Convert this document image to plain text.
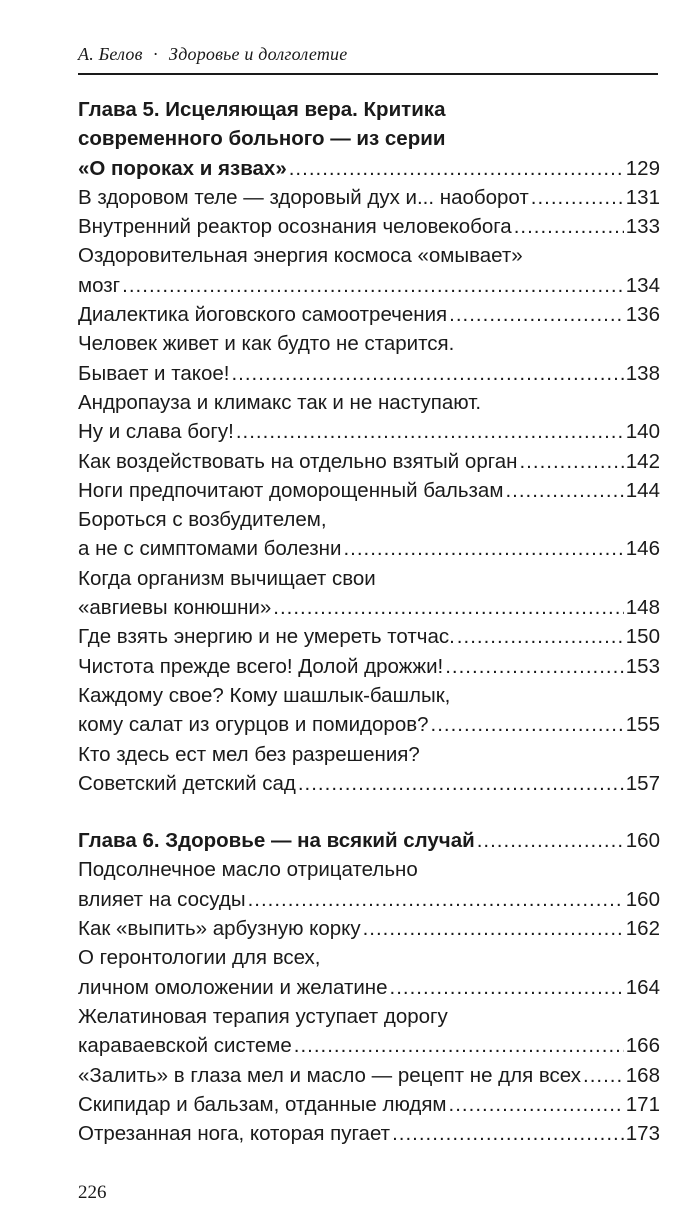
А. Белов · Здоровье и долголетие
Глава 5. Исцеляющая вера. Критика
современного больного — из серии
«О пороках и язвах» .....	129
В здоровом теле — здоровый дух и... наоборот .....	131
Внутренний реактор осознания человекобога .....	133
Оздоровительная энергия космоса «омывает»
мозг .....	134
Диалектика йоговского самоотречения .....	136
Человек живет и как будто не старится.
Бывает и такое! .....	138
Андропауза и климакс так и не наступают.
Ну и слава богу! .....	140
Как воздействовать на отдельно взятый орган .....	142
Ноги предпочитают доморощенный бальзам .....	144
Бороться с возбудителем,
а не с симптомами болезни .....	146
Когда организм вычищает свои
«авгиевы конюшни» .....	148
Где взять энергию и не умереть тотчас. .....	150
Чистота прежде всего! Долой дрожжи! .....	153
Каждому свое? Кому шашлык-башлык,
кому салат из огурцов и помидоров? .....	155
Кто здесь ест мел без разрешения?
Советский детский сад .....	157
Глава 6. Здоровье — на всякий случай .....	160
Подсолнечное масло отрицательно
влияет на сосуды .....	160
Как «выпить» арбузную корку .....	162
О геронтологии для всех,
личном омоложении и желатине .....	164
Желатиновая терапия уступает дорогу
караваевской системе .....	166
«Залить» в глаза мел и масло — рецепт не для всех ..... 168
Скипидар и бальзам, отданные людям .....	171
Отрезанная нога, которая пугает .....	173
226
